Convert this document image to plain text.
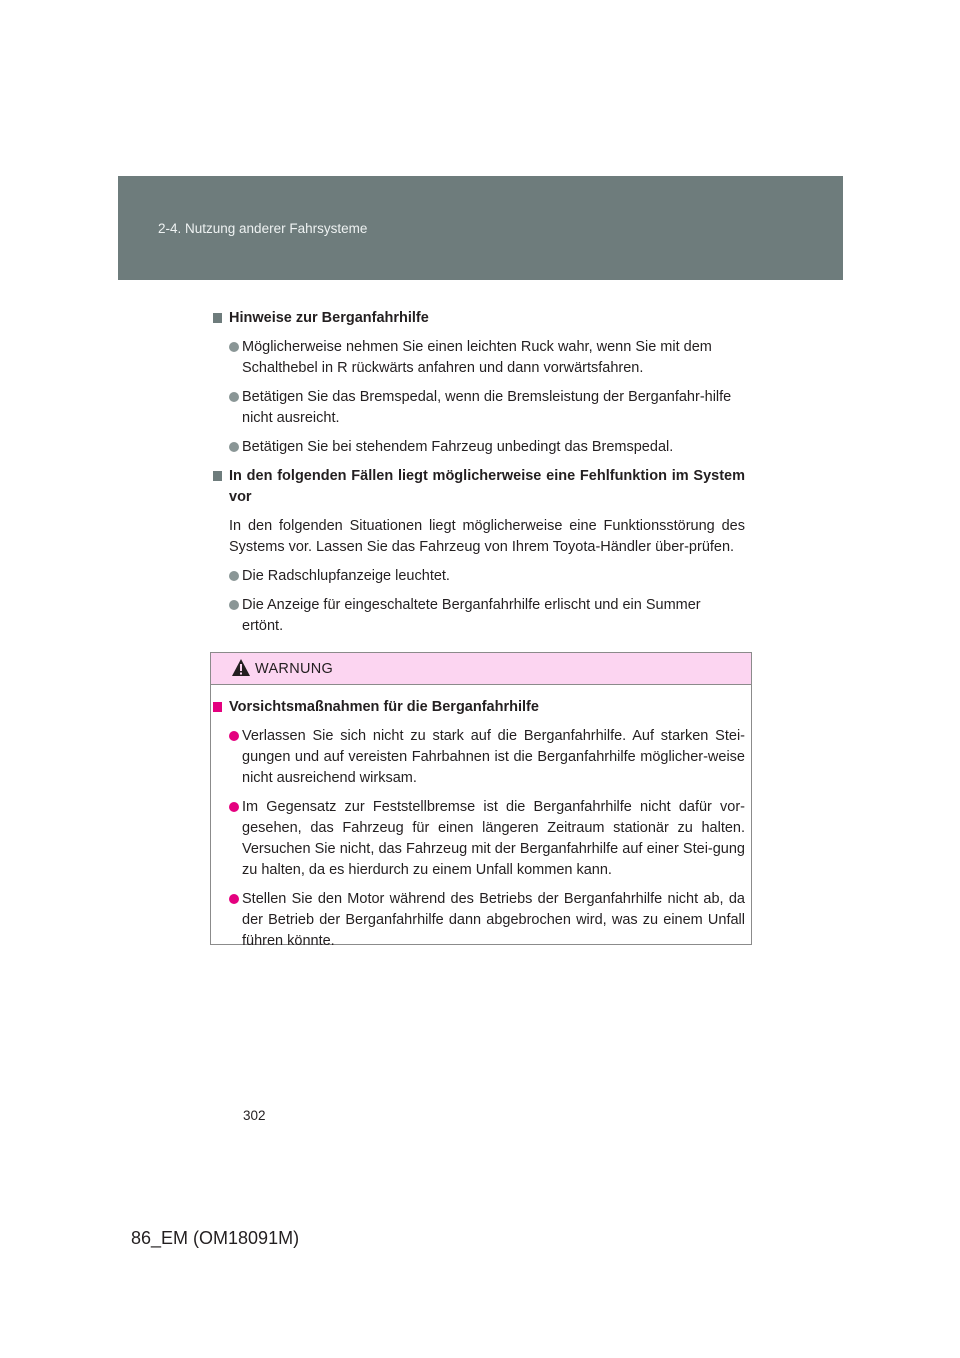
2-4. Nutzung anderer Fahrsysteme
Hinweise zur Berganfahrhilfe
Möglicherweise nehmen Sie einen leichten Ruck wahr, wenn Sie mit dem Schalthebel in R rückwärts anfahren und dann vorwärtsfahren.
Betätigen Sie das Bremspedal, wenn die Bremsleistung der Berganfahr-hilfe nicht ausreicht.
Betätigen Sie bei stehendem Fahrzeug unbedingt das Bremspedal.
In den folgenden Fällen liegt möglicherweise eine Fehlfunktion im System vor
In den folgenden Situationen liegt möglicherweise eine Funktionsstörung des Systems vor. Lassen Sie das Fahrzeug von Ihrem Toyota-Händler über-prüfen.
Die Radschlupfanzeige leuchtet.
Die Anzeige für eingeschaltete Berganfahrhilfe erlischt und ein Summer ertönt.
WARNUNG
Vorsichtsmaßnahmen für die Berganfahrhilfe
Verlassen Sie sich nicht zu stark auf die Berganfahrhilfe. Auf starken Stei-gungen und auf vereisten Fahrbahnen ist die Berganfahrhilfe möglicher-weise nicht ausreichend wirksam.
Im Gegensatz zur Feststellbremse ist die Berganfahrhilfe nicht dafür vor-gesehen, das Fahrzeug für einen längeren Zeitraum stationär zu halten. Versuchen Sie nicht, das Fahrzeug mit der Berganfahrhilfe auf einer Stei-gung zu halten, da es hierdurch zu einem Unfall kommen kann.
Stellen Sie den Motor während des Betriebs der Berganfahrhilfe nicht ab, da der Betrieb der Berganfahrhilfe dann abgebrochen wird, was zu einem Unfall führen könnte.
302
86_EM (OM18091M)
